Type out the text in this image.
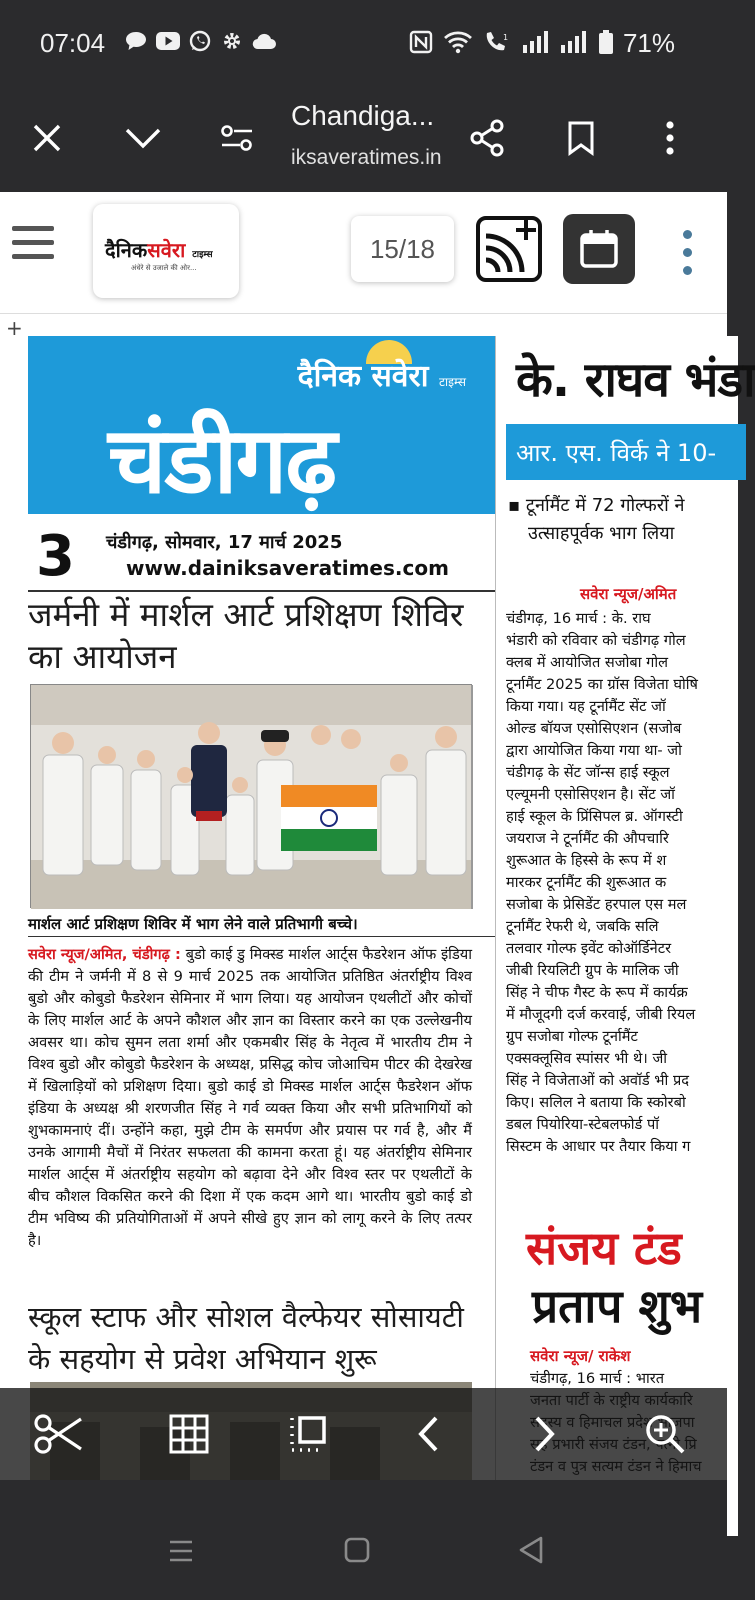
07:04	1	71%
Chandiga...
iksaveratimes.in
दैनिकसवेरा टाइम्स
अंधेरे से उजाले की ओर...
15/18
+
दैनिक सवेरा टाइम्स
चंडीगढ़
3 चंडीगढ़, सोमवार, 17 मार्च 2025
www.dainiksaveratimes.com
जर्मनी में मार्शल आर्ट प्रशिक्षण शिविर का आयोजन
मार्शल आर्ट प्रशिक्षण शिविर में भाग लेने वाले प्रतिभागी बच्चे।
सवेरा न्यूज/अमित, चंडीगढ़ : बुडो काई डु मिक्स्ड मार्शल आर्ट्स फैडरेशन ऑफ इंडिया की टीम ने जर्मनी में 8 से 9 मार्च 2025 तक आयोजित प्रतिष्ठित अंतर्राष्ट्रीय विश्व बुडो और कोबुडो फैडरेशन सेमिनार में भाग लिया। यह आयोजन एथलीटों और कोचों के लिए मार्शल आर्ट के अपने कौशल और ज्ञान का विस्तार करने का एक उल्लेखनीय अवसर था। कोच सुमन लता शर्मा और एकमबीर सिंह के नेतृत्व में भारतीय टीम ने विश्व बुडो और कोबुडो फैडरेशन के अध्यक्ष, प्रसिद्ध कोच जोआचिम पीटर की देखरेख में खिलाड़ियों को प्रशिक्षण दिया। बुडो काई डो मिक्स्ड मार्शल आर्ट्स फैडरेशन ऑफ इंडिया के अध्यक्ष श्री शरणजीत सिंह ने गर्व व्यक्त किया और सभी प्रतिभागियों को शुभकामनाएं दीं। उन्होंने कहा, मुझे टीम के समर्पण और प्रयास पर गर्व है, और मैं उनके आगामी मैचों में निरंतर सफलता की कामना करता हूं। यह अंतर्राष्ट्रीय सेमिनार मार्शल आर्ट्स में अंतर्राष्ट्रीय सहयोग को बढ़ावा देने और विश्व स्तर पर एथलीटों के बीच कौशल विकसित करने की दिशा में एक कदम आगे था। भारतीय बुडो काई डो टीम भविष्य की प्रतियोगिताओं में अपने सीखे हुए ज्ञान को लागू करने के लिए तत्पर है।
स्कूल स्टाफ और सोशल वैल्फेयर सोसायटी के सहयोग से प्रवेश अभियान शुरू
के. राघव भंडा
आर. एस. विर्क ने 10-
▪ टूर्नामैंट में 72 गोल्फरों ने
उत्साहपूर्वक भाग लिया
सवेरा न्यूज/अमित
चंडीगढ़, 16 मार्च : के. राघ
भंडारी को रविवार को चंडीगढ़ गोल
क्लब में आयोजित सजोबा गोल
टूर्नामैंट 2025 का ग्रॉस विजेता घोषि
किया गया। यह टूर्नामैंट सेंट जॉ
ओल्ड बॉयज एसोसिएशन (सजोब
द्वारा आयोजित किया गया था- जो
चंडीगढ़ के सेंट जॉन्स हाई स्कूल
एल्यूमनी एसोसिएशन है। सेंट जॉ
हाई स्कूल के प्रिंसिपल ब्र. ऑगस्टी
जयराज ने टूर्नामैंट की औपचारि
शुरूआत के हिस्से के रूप में श
मारकर टूर्नामैंट की शुरूआत क
सजोबा के प्रेसिडेंट हरपाल एस मल
टूर्नामैंट रेफरी थे, जबकि सलि
तलवार गोल्फ इवेंट कोऑर्डिनेटर
जीबी रियलिटी ग्रुप के मालिक जी
सिंह ने चीफ गैस्ट के रूप में कार्यक्र
में मौजूदगी दर्ज करवाई, जीबी रियल
ग्रुप सजोबा गोल्फ टूर्नामैंट
एक्सक्लूसिव स्पांसर भी थे। जी
सिंह ने विजेताओं को अवॉर्ड भी प्रद
किए। सलिल ने बताया कि स्कोरबो
डबल पियोरिया-स्टेबलफोर्ड पॉ
सिस्टम के आधार पर तैयार किया ग
संजय टंड
प्रताप शुभ
सवेरा न्यूज/ राकेश
चंडीगढ़, 16 मार्च : भारत
